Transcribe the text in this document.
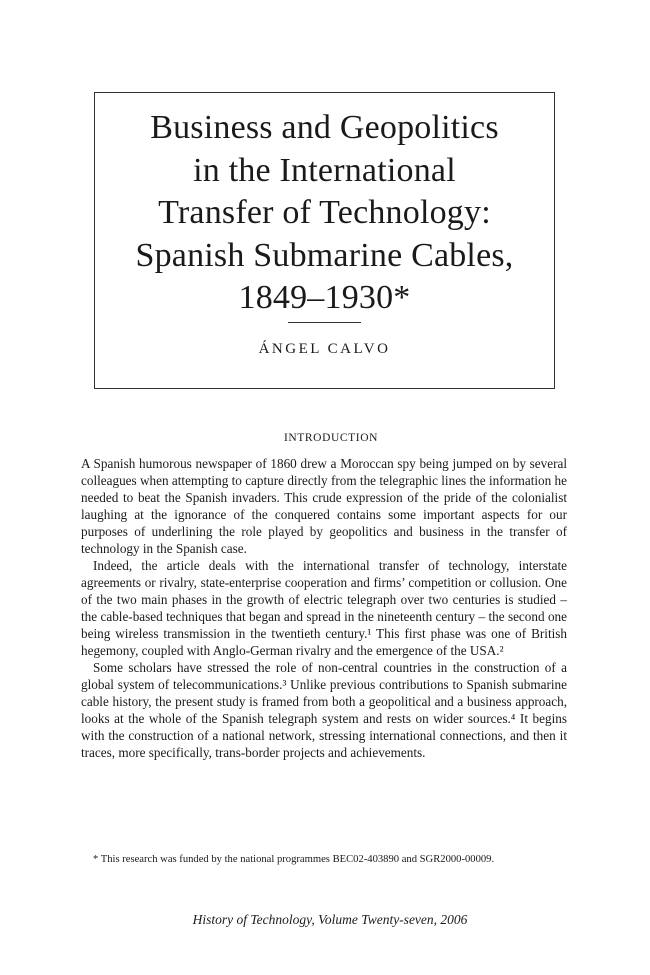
Business and Geopolitics
in the International
Transfer of Technology:
Spanish Submarine Cables,
1849–1930*
ÁNGEL CALVO
INTRODUCTION

A Spanish humorous newspaper of 1860 drew a Moroccan spy being jumped on by several colleagues when attempting to capture directly from the telegraphic lines the information he needed to beat the Spanish invaders. This crude expression of the pride of the colonialist laughing at the ignorance of the conquered contains some important aspects for our purposes of underlining the role played by geopolitics and business in the transfer of technology in the Spanish case.

Indeed, the article deals with the international transfer of technology, interstate agreements or rivalry, state-enterprise cooperation and firms’ competition or collusion. One of the two main phases in the growth of electric telegraph over two centuries is studied – the cable-based techniques that began and spread in the nineteenth century – the second one being wireless transmission in the twentieth century.¹ This first phase was one of British hegemony, coupled with Anglo-German rivalry and the emergence of the USA.²

Some scholars have stressed the role of non-central countries in the construction of a global system of telecommunications.³ Unlike previous contributions to Spanish submarine cable history, the present study is framed from both a geopolitical and a business approach, looks at the whole of the Spanish telegraph system and rests on wider sources.⁴ It begins with the construction of a national network, stressing international connections, and then it traces, more specifically, trans-border projects and achievements.

* This research was funded by the national programmes BEC02-403890 and SGR2000-00009.

History of Technology, Volume Twenty-seven, 2006
